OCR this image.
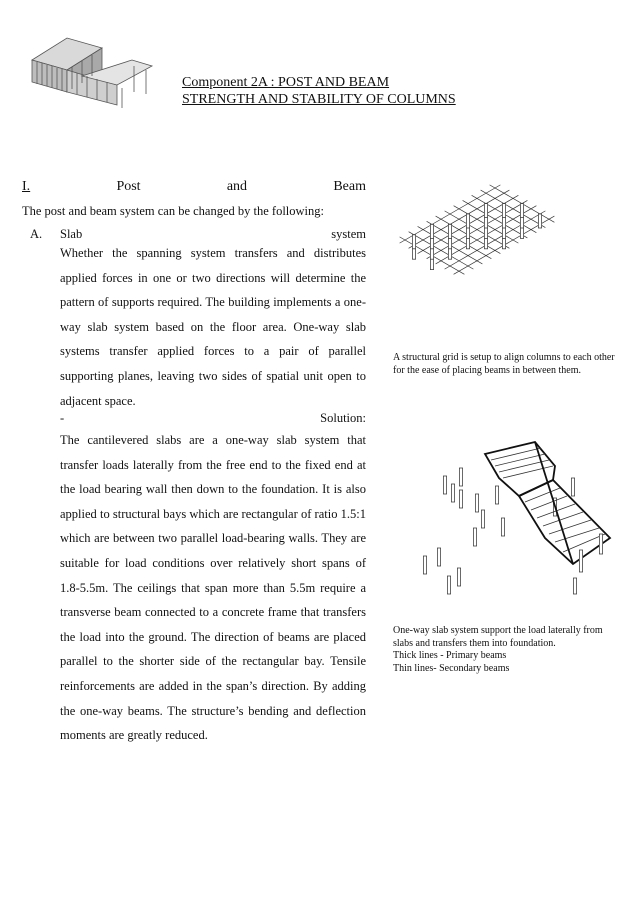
Component 2A : POST AND BEAM
STRENGTH AND STABILITY OF COLUMNS
I.	Post	and	Beam
The post and beam system can be changed by the following:
A.	Slab	system
Whether the spanning system transfers and distributes applied forces in one or two directions will determine the pattern of supports required. The building implements a one-way slab system based on the floor area. One-way slab systems transfer applied forces to a pair of parallel supporting planes, leaving two sides of spatial unit open to adjacent space.
-	Solution:
The cantilevered slabs are a one-way slab system that transfer loads laterally from the free end to the fixed end at the load bearing wall then down to the foundation. It is also applied to structural bays which are rectangular of ratio 1.5:1 which are between two parallel load-bearing walls. They are suitable for load conditions over relatively short spans of 1.8-5.5m. The ceilings that span more than 5.5m require a transverse beam connected to a concrete frame that transfers the load into the ground. The direction of beams are placed parallel to the shorter side of the rectangular bay. Tensile reinforcements are added in the span’s direction. By adding the one-way beams. The structure’s bending and deflection moments are greatly reduced.
A structural grid is setup to align columns to each other for the ease of placing beams in between them.
One-way slab system support the load laterally from slabs and transfers them into foundation.
Thick lines - Primary beams
Thin lines- Secondary beams
